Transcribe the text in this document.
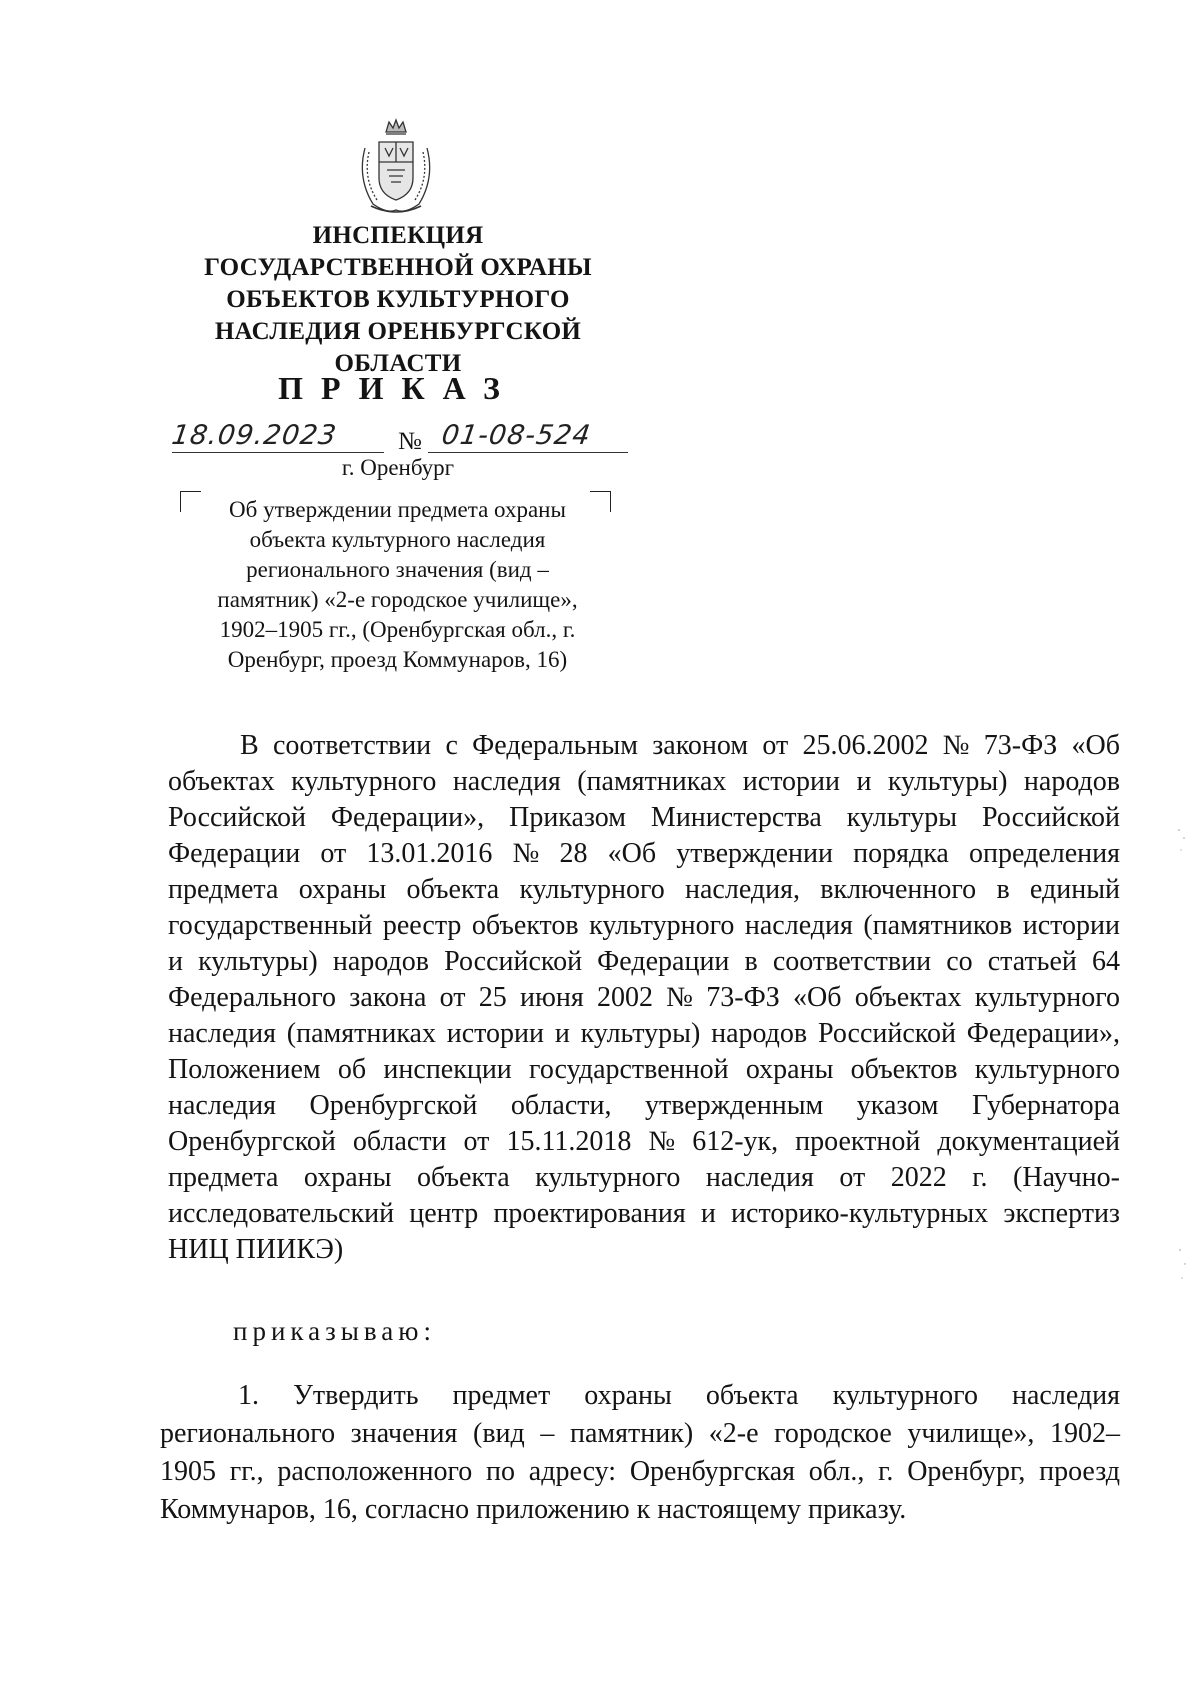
ИНСПЕКЦИЯ
ГОСУДАРСТВЕННОЙ ОХРАНЫ
ОБЪЕКТОВ КУЛЬТУРНОГО
НАСЛЕДИЯ ОРЕНБУРГСКОЙ
ОБЛАСТИ
ПРИКАЗ
18.09.2023 № 01-08-524
г. Оренбург
Об утверждении предмета охраны
объекта культурного наследия
регионального значения (вид –
памятник) «2-е городское училище»,
1902–1905 гг., (Оренбургская обл., г.
Оренбург, проезд Коммунаров, 16)
В соответствии с Федеральным законом от 25.06.2002 № 73-ФЗ «Об
объектах культурного наследия (памятниках истории и культуры) народов
Российской Федерации», Приказом Министерства культуры Российской
Федерации от 13.01.2016 № 28 «Об утверждении порядка определения
предмета охраны объекта культурного наследия, включенного в единый
государственный реестр объектов культурного наследия (памятников истории
и культуры) народов Российской Федерации в соответствии со статьей 64
Федерального закона от 25 июня 2002 № 73-ФЗ «Об объектах культурного
наследия (памятниках истории и культуры) народов Российской Федерации»,
Положением об инспекции государственной охраны объектов культурного
наследия Оренбургской области, утвержденным указом Губернатора
Оренбургской области от 15.11.2018 № 612-ук, проектной документацией
предмета охраны объекта культурного наследия от 2022 г. (Научно-
исследовательский центр проектирования и историко-культурных экспертиз
НИЦ ПИИКЭ)
приказываю:
1. Утвердить предмет охраны объекта культурного наследия
регионального значения (вид – памятник) «2-е городское училище», 1902–
1905 гг., расположенного по адресу: Оренбургская обл., г. Оренбург, проезд
Коммунаров, 16, согласно приложению к настоящему приказу.
